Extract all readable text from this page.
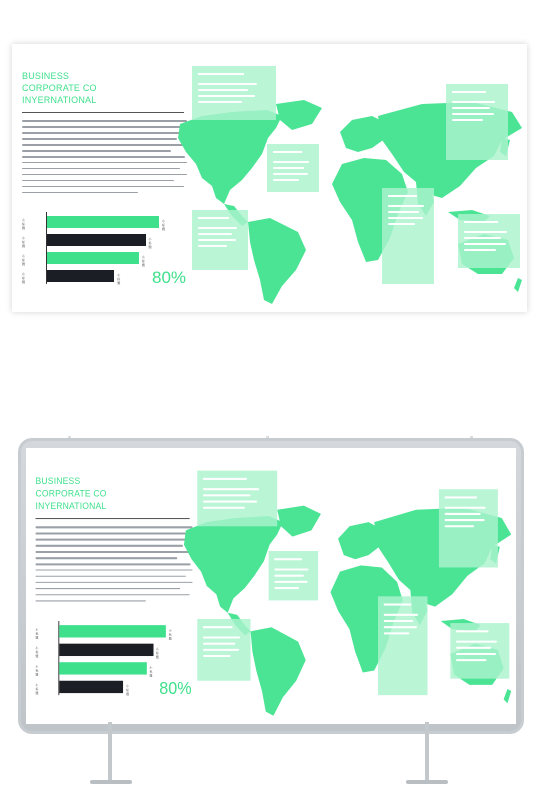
BUSINESS
CORPORATE CO
INYERNATIONAL
小标题
小标题
小标题
小标题
小标题
小标题
小标题
小标题 80%
BUSINESS
CORPORATE CO
INYERNATIONAL
小标题
小标题
小标题
小标题
小标题
小标题
小标题
小标题 80%
